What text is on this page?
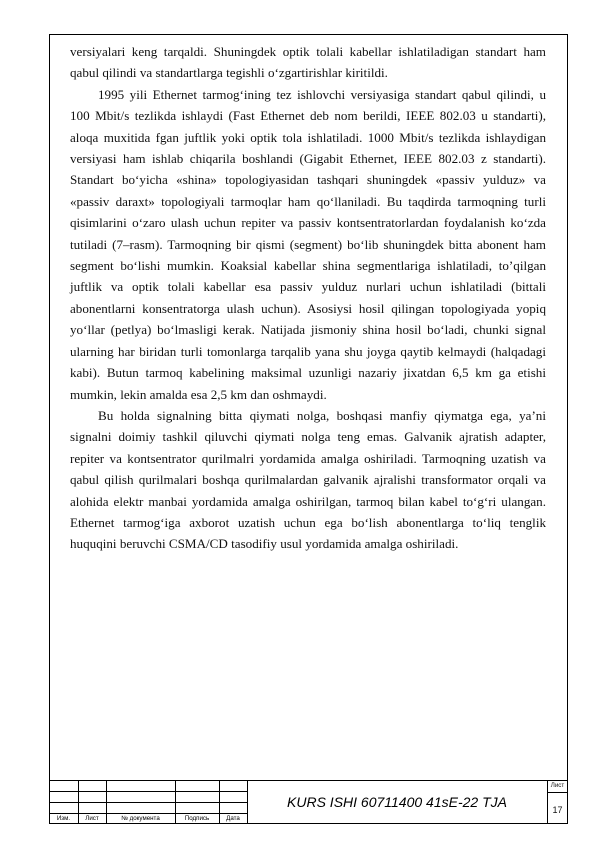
versiyalari keng tarqaldi. Shuningdek optik tolali kabellar ishlatiladigan standart ham qabul qilindi va standartlarga tegishli o‘zgartirishlar kiritildi.

1995 yili Ethernet tarmog‘ining tez ishlovchi versiyasiga standart qabul qilindi, u 100 Mbit/s tezlikda ishlaydi (Fast Ethernet deb nom berildi, IEEE 802.03 u standarti), aloqa muxitida fgan juftlik yoki optik tola ishlatiladi. 1000 Mbit/s tezlikda ishlaydigan versiyasi ham ishlab chiqarila boshlandi (Gigabit Ethernet, IEEE 802.03 z standarti). Standart bo‘yicha «shina» topologiyasidan tashqari shuningdek «passiv yulduz» va «passiv daraxt» topologiyali tarmoqlar ham qo‘llaniladi. Bu taqdirda tarmoqning turli qisimlarini o‘zaro ulash uchun repiter va passiv kontsentratorlardan foydalanish ko‘zda tutiladi (7–rasm). Tarmoqning bir qismi (segment) bo‘lib shuningdek bitta abonent ham segment bo‘lishi mumkin. Koaksial kabellar shina segmentlariga ishlatiladi, to’qilgan juftlik va optik tolali kabellar esa passiv yulduz nurlari uchun ishlatiladi (bittali abonentlarni konsentratorga ulash uchun). Asosiysi hosil qilingan topologiyada yopiq yo‘llar (petlya) bo‘lmasligi kerak. Natijada jismoniy shina hosil bo‘ladi, chunki signal ularning har biridan turli tomonlarga tarqalib yana shu joyga qaytib kelmaydi (halqadagi kabi). Butun tarmoq kabelining maksimal uzunligi nazariy jixatdan 6,5 km ga etishi mumkin, lekin amalda esa 2,5 km dan oshmaydi.

Bu holda signalning bitta qiymati nolga, boshqasi manfiy qiymatga ega, ya’ni signalni doimiy tashkil qiluvchi qiymati nolga teng emas. Galvanik ajratish adapter, repiter va kontsentrator qurilmalri yordamida amalga oshiriladi. Tarmoqning uzatish va qabul qilish qurilmalari boshqa qurilmalardan galvanik ajralishi transformator orqali va alohida elektr manbai yordamida amalga oshirilgan, tarmoq bilan kabel to‘g‘ri ulangan. Ethernet tarmog‘iga axborot uzatish uchun ega bo‘lish abonentlarga to‘liq tenglik huquqini beruvchi CSMA/CD tasodifiy usul yordamida amalga oshiriladi.

Изм.	Лист	№ документа	Подпись	Дата
KURS ISHI 60711400 41sE-22 TJA
Лист
17
